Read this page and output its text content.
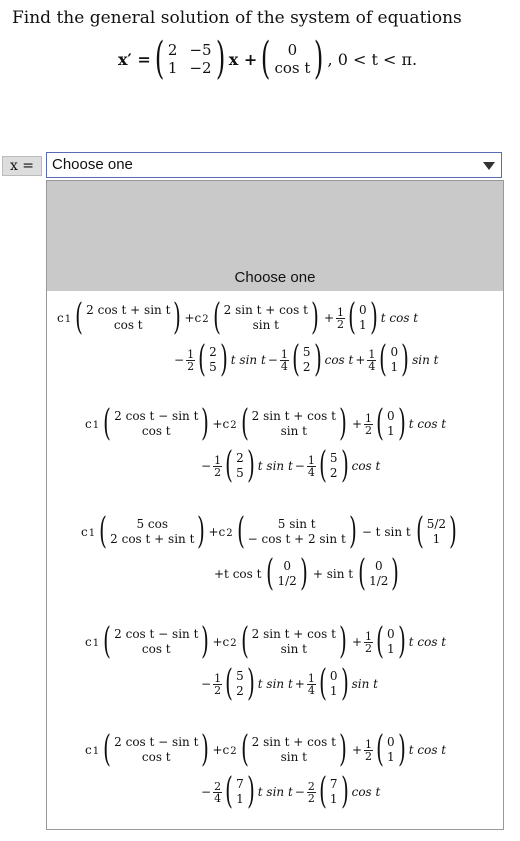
Find the general solution of the system of equations
x′ = ( 2 −5
1 −2 ) x + (	0
cos t ) , 0 < t < π.
x =	Choose one
Choose one
c1 ( 2 cos t + sin t
cos t ) + c2 ( 2 sin t + cos t
sin t ) + $\frac{1}{2}$ ( 0
1 ) t cos t
− $\frac{1}{2}$ ( 2
5 ) t $\sin t - \frac{1}{4}$ ( 5
2 ) $\cos t + \frac{1}{4}$ ( 0
1 ) sin t
c1 ( 2 cos t − sin t
cos t ) + c2 ( 2 sin t + cos t
sin t ) + $\frac{1}{2}$ ( 0
1 ) t cos t
− $\frac{1}{2}$ ( 2
5 ) t $\sin t - \frac{1}{4}$ ( 5
2 ) cos t
c1 (	5 cos
2 cos t + sin t ) + c2 (	5 sin t
− cos t + 2 sin t ) − t sin t ( 5/2
1 )
+t cos t ( 0
1/2 ) + sin t ( 0
1/2 )
c1 ( 2 cos t − sin t
cos t ) + c2 ( 2 sin t + cos t
sin t ) + $\frac{1}{2}$ ( 0
1 ) t cos t
− $\frac{1}{2}$ ( 5
2 ) t $\sin t + \frac{1}{4}$ ( 0
1 ) sin t
c1 ( 2 cos t − sin t
cos t ) + c2 ( 2 sin t + cos t
sin t ) + $\frac{1}{2}$ ( 0
1 ) t cos t
− $\frac{2}{4}$ ( 7
1 ) t $\sin t - \frac{2}{2}$ ( 7
1 ) cos t
